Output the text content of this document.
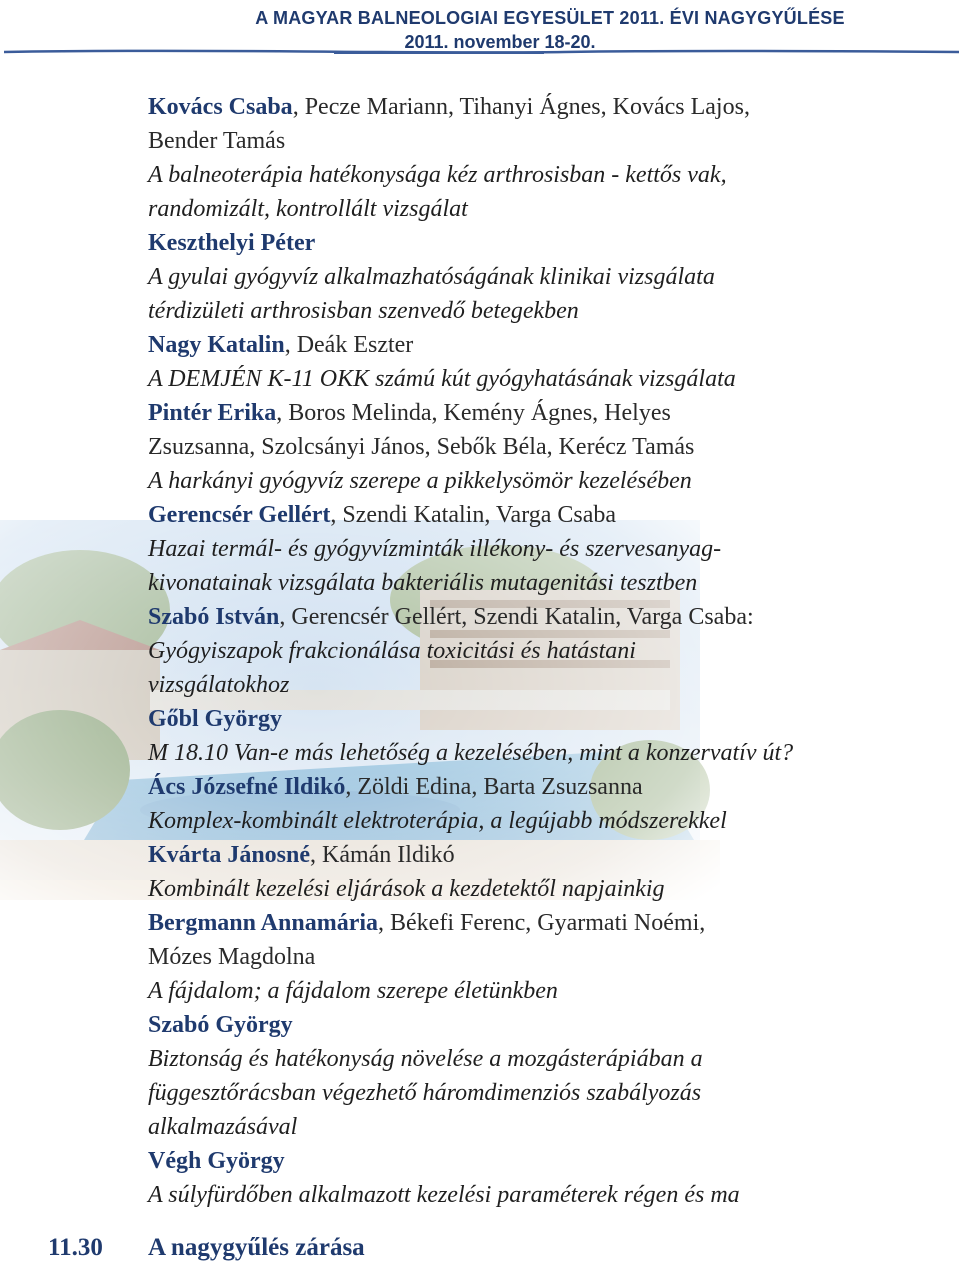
A MAGYAR BALNEOLOGIAI EGYESÜLET 2011. ÉVI NAGYGYŰLÉSE
2011. november 18-20.

Kovács Csaba, Pecze Mariann, Tihanyi Ágnes, Kovács Lajos,

Bender Tamás

A balneoterápia hatékonysága kéz arthrosisban - kettős vak,

randomizált, kontrollált vizsgálat

Keszthelyi Péter

A gyulai gyógyvíz alkalmazhatóságának klinikai vizsgálata

térdizületi arthrosisban szenvedő betegekben

Nagy Katalin, Deák Eszter

A DEMJÉN K-11 OKK számú kút gyógyhatásának vizsgálata

Pintér Erika, Boros Melinda, Kemény Ágnes, Helyes

Zsuzsanna, Szolcsányi János, Sebők Béla, Kerécz Tamás

A harkányi gyógyvíz szerepe a pikkelysömör kezelésében

Gerencsér Gellért, Szendi Katalin, Varga Csaba

Hazai termál- és gyógyvízminták illékony- és szervesanyag-

kivonatainak vizsgálata bakteriális mutagenitási tesztben

Szabó István, Gerencsér Gellért, Szendi Katalin, Varga Csaba:

Gyógyiszapok frakcionálása toxicitási és hatástani

vizsgálatokhoz

Gőbl György

M 18.10 Van-e más lehetőség a kezelésében, mint a konzervatív út?

Ács Józsefné Ildikó, Zöldi Edina, Barta Zsuzsanna

Komplex-kombinált elektroterápia, a legújabb módszerekkel

Kvárta Jánosné, Kámán Ildikó

Kombinált kezelési eljárások a kezdetektől napjainkig

Bergmann Annamária, Békefi Ferenc, Gyarmati Noémi,

Mózes Magdolna

A fájdalom; a fájdalom szerepe életünkben

Szabó György

Biztonság és hatékonyság növelése a mozgásterápiában a

függesztőrácsban végezhető háromdimenziós szabályozás

alkalmazásával

Végh György

A súlyfürdőben alkalmazott kezelési paraméterek régen és ma

11.30 A nagygyűlés zárása
